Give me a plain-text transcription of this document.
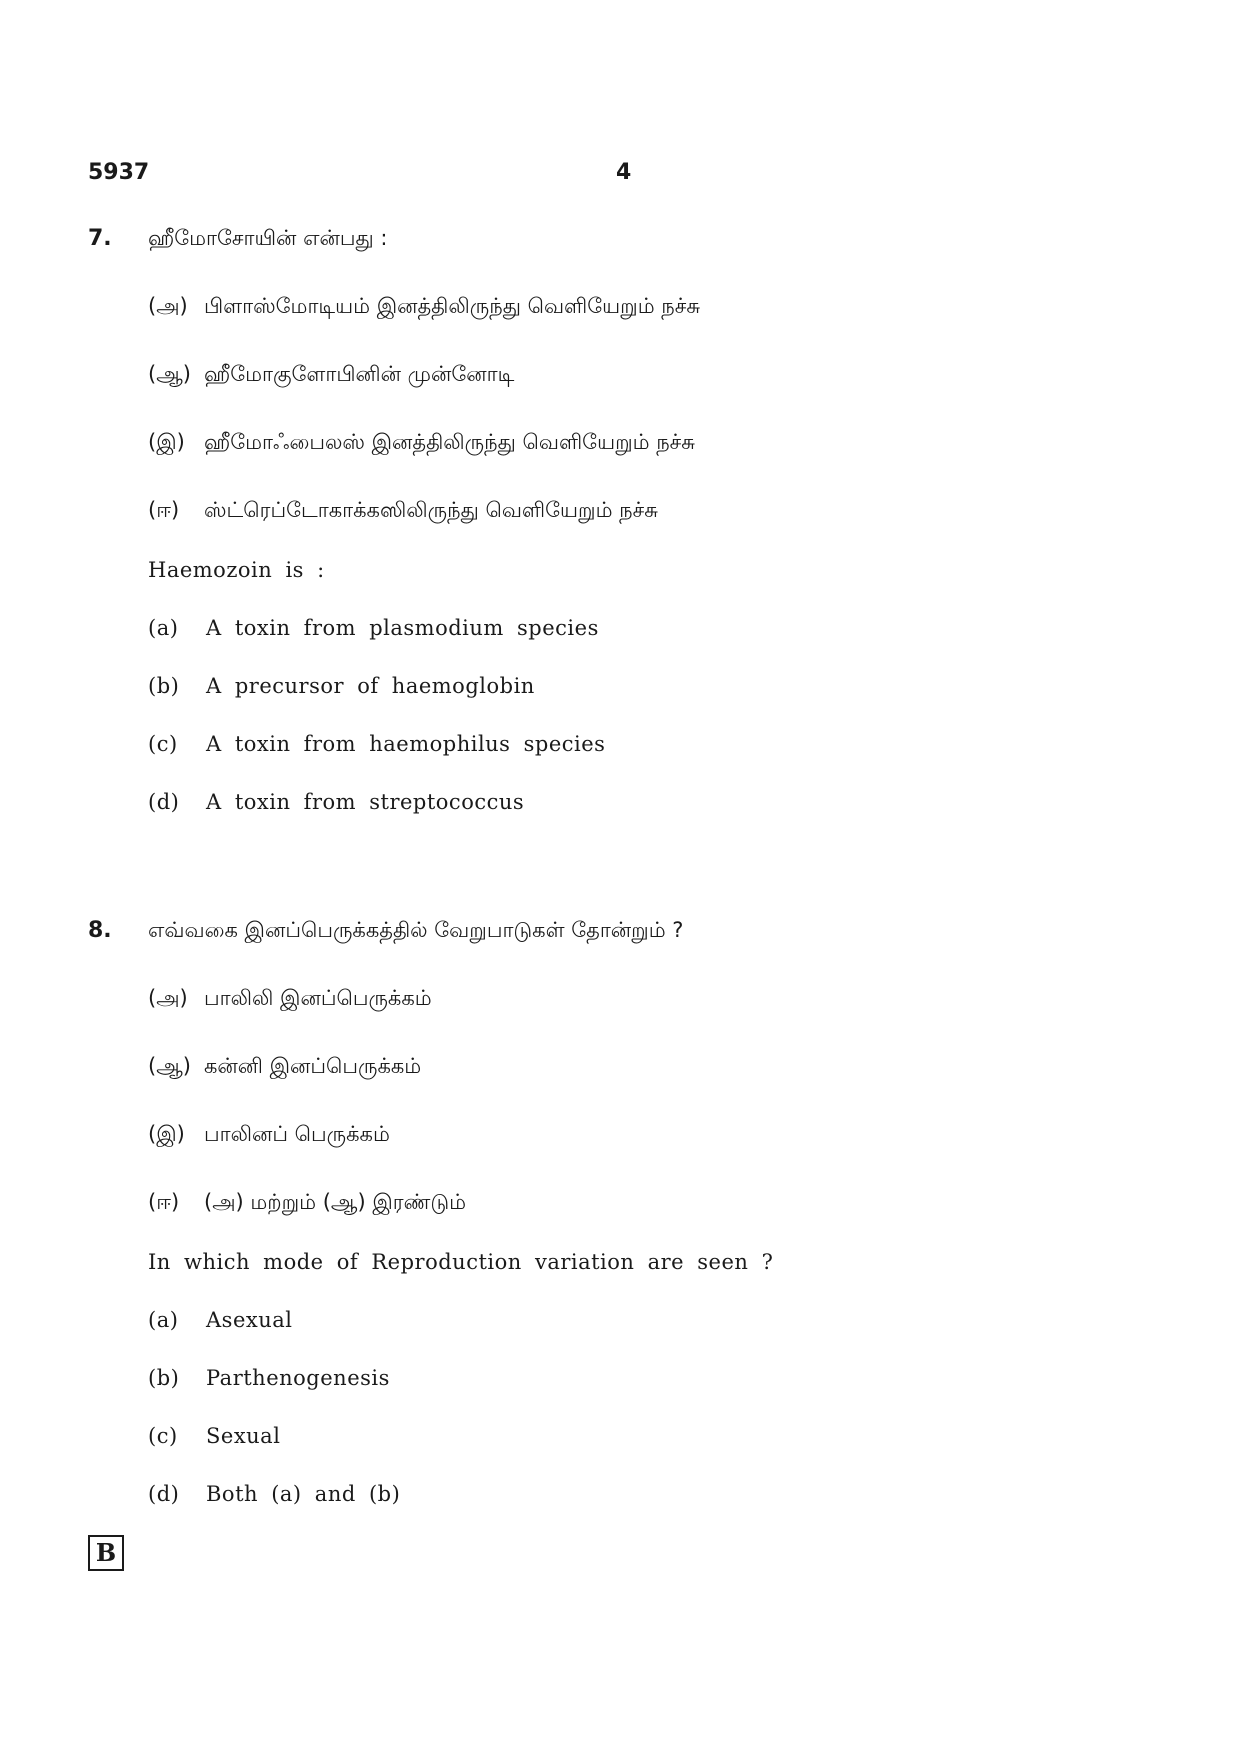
5937	4
7. ஹீமோசோயின் என்பது :
(அ) பிளாஸ்மோடியம் இனத்திலிருந்து வெளியேறும் நச்சு
(ஆ) ஹீமோகுளோபினின் முன்னோடி
(இ) ஹீமோஃபைலஸ் இனத்திலிருந்து வெளியேறும் நச்சு
(ஈ) ஸ்ட்ரெப்டோகாக்கஸிலிருந்து வெளியேறும் நச்சு
Haemozoin is :
(a) A toxin from plasmodium species
(b) A precursor of haemoglobin
(c) A toxin from haemophilus species
(d) A toxin from streptococcus
8. எவ்வகை இனப்பெருக்கத்தில் வேறுபாடுகள் தோன்றும் ?
(அ) பாலிலி இனப்பெருக்கம்
(ஆ) கன்னி இனப்பெருக்கம்
(இ) பாலினப் பெருக்கம்
(ஈ) (அ) மற்றும் (ஆ) இரண்டும்
In which mode of Reproduction variation are seen ?
(a) Asexual
(b) Parthenogenesis
(c) Sexual
(d) Both (a) and (b)
B
